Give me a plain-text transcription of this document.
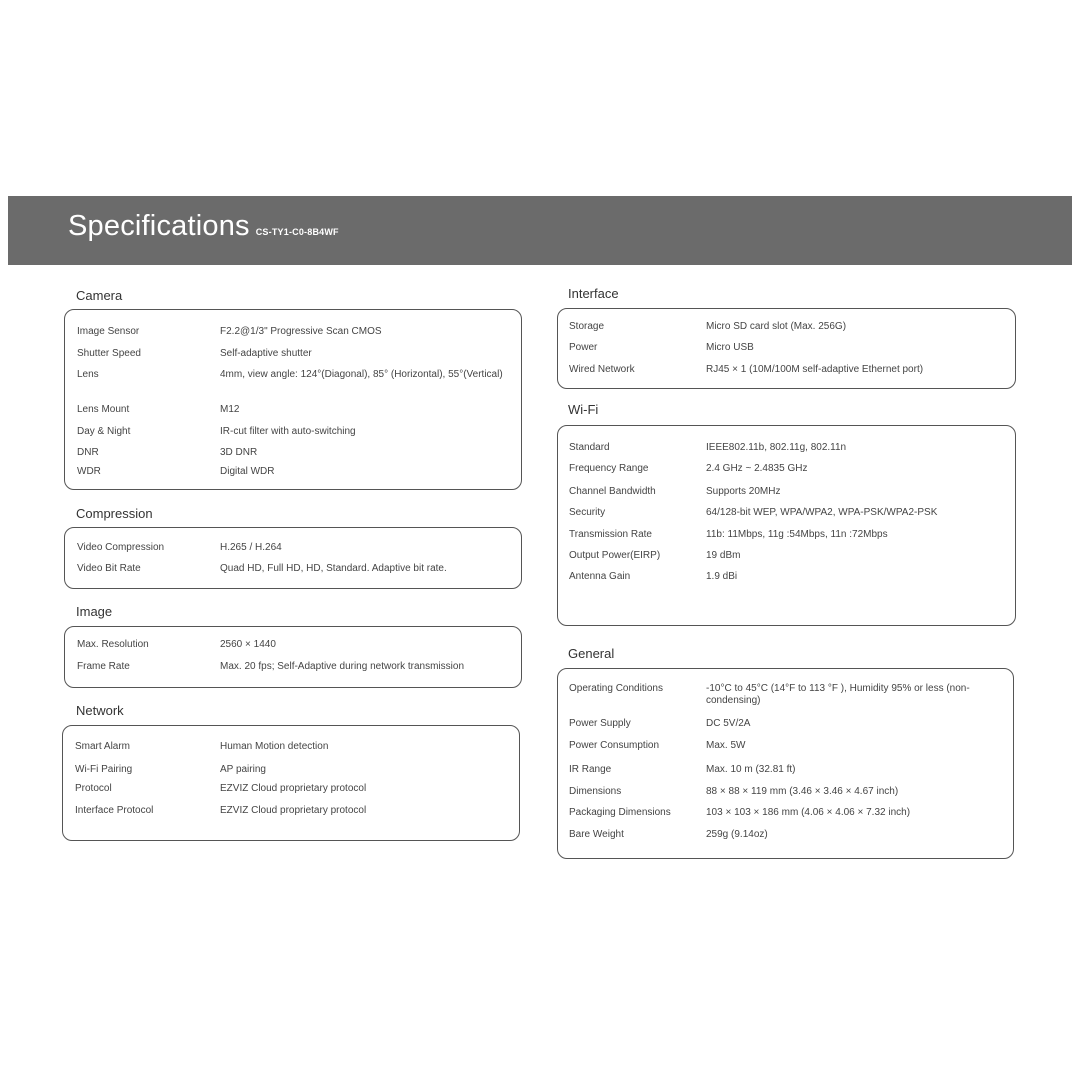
Specifications CS-TY1-C0-8B4WF
Camera
Image Sensor	F2.2@1/3" Progressive Scan CMOS
Shutter Speed	Self-adaptive shutter
Lens	4mm, view angle: 124°(Diagonal), 85° (Horizontal), 55°(Vertical)
Lens Mount	M12
Day & Night	IR-cut filter with auto-switching
DNR	3D DNR
WDR	Digital WDR
Compression
Video Compression	H.265 / H.264
Video Bit Rate	Quad HD, Full HD, HD, Standard. Adaptive bit rate.
Image
Max. Resolution	2560 × 1440
Frame Rate	Max. 20 fps; Self-Adaptive during network transmission
Network
Smart Alarm	Human Motion detection
Wi-Fi Pairing	AP pairing
Protocol	EZVIZ Cloud proprietary protocol
Interface Protocol	EZVIZ Cloud proprietary protocol
Interface
Storage	Micro SD card slot (Max. 256G)
Power	Micro USB
Wired Network	RJ45 × 1 (10M/100M self-adaptive Ethernet port)
Wi-Fi
Standard	IEEE802.11b, 802.11g, 802.11n
Frequency Range	2.4 GHz ~ 2.4835 GHz
Channel Bandwidth	Supports 20MHz
Security	64/128-bit WEP, WPA/WPA2, WPA-PSK/WPA2-PSK
Transmission Rate	11b: 11Mbps, 11g :54Mbps, 11n :72Mbps
Output Power(EIRP)	19 dBm
Antenna Gain	1.9 dBi
General
Operating Conditions	-10°C to 45°C (14°F to 113 °F ), Humidity 95% or less (non-condensing)
Power Supply	DC 5V/2A
Power Consumption	Max. 5W
IR Range	Max. 10 m (32.81 ft)
Dimensions	88 × 88 × 119 mm (3.46 × 3.46 × 4.67 inch)
Packaging Dimensions	103 × 103 × 186 mm (4.06 × 4.06 × 7.32 inch)
Bare Weight	259g (9.14oz)
